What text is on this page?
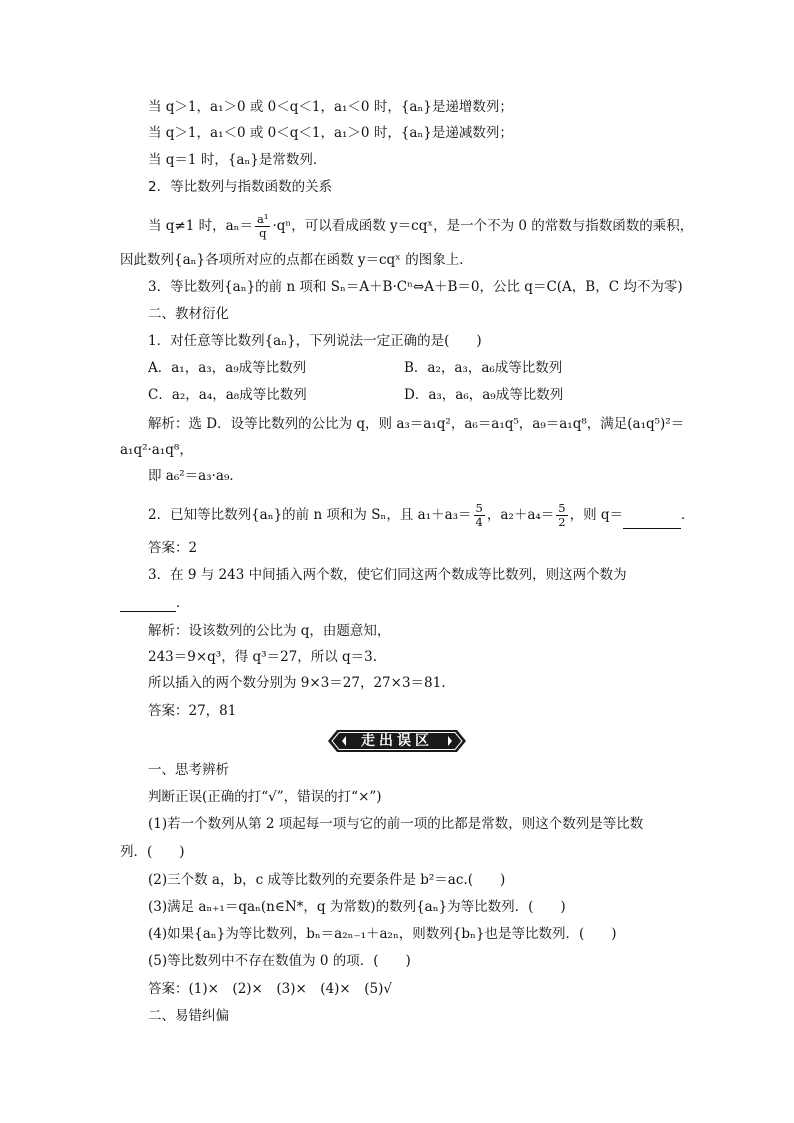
当 q＞1，a₁＞0 或 0＜q＜1，a₁＜0 时，{aₙ}是递增数列；
当 q＞1，a₁＜0 或 0＜q＜1，a₁＞0 时，{aₙ}是递减数列；
当 q＝1 时，{aₙ}是常数列．
2．等比数列与指数函数的关系
当 q≠1 时，$a_n= \frac{\text{a¹}}{q} \cdot q^n$，可以看成函数 y＝cqˣ，是一个不为 0 的常数与指数函数的乘积，
因此数列{aₙ}各项所对应的点都在函数 y＝cqˣ 的图象上．
3．等比数列{aₙ}的前 n 项和 Sₙ＝A＋B·Cⁿ⇔A＋B＝0，公比 q＝C(A，B，C 均不为零)
二、教材衍化
1．对任意等比数列{aₙ}，下列说法一定正确的是(　　)
A．a₁，a₃，a₉成等比数列	B．a₂，a₃，a₆成等比数列
C．a₂，a₄，a₈成等比数列	D．a₃，a₆，a₉成等比数列
解析：选 D．设等比数列的公比为 q，则 a₃＝a₁q²，a₆＝a₁q⁵，a₉＝a₁q⁸，满足(a₁q⁵)²＝
a₁q²·a₁q⁸，
即 a₆²＝a₃·a₉．
2．已知等比数列{aₙ}的前 n 项和为 Sₙ，且 $a_1+a_3= \frac{5}{4}$ ，$a_2+a_4= \frac{5}{2}$ ，则 q＝	．
答案：2
3．在 9 与 243 中间插入两个数，使它们同这两个数成等比数列，则这两个数为
．
解析：设该数列的公比为 q，由题意知，
243＝9×q³，得 q³＝27，所以 q＝3.
所以插入的两个数分别为 9×3＝27，27×3＝81.
答案：27，81
走出误区
一、思考辨析
判断正误(正确的打“√”，错误的打“×”)
(1)若一个数列从第 2 项起每一项与它的前一项的比都是常数，则这个数列是等比数
列．(　　)
(2)三个数 a，b，c 成等比数列的充要条件是 b²＝ac.(　　)
(3)满足 aₙ₊₁＝qaₙ(n∈N*，q 为常数)的数列{aₙ}为等比数列．(　　)
(4)如果{aₙ}为等比数列，bₙ＝a₂ₙ₋₁＋a₂ₙ，则数列{bₙ}也是等比数列．(　　)
(5)等比数列中不存在数值为 0 的项．(　　)
答案：(1)×　(2)×　(3)×　(4)×　(5)√
二、易错纠偏
